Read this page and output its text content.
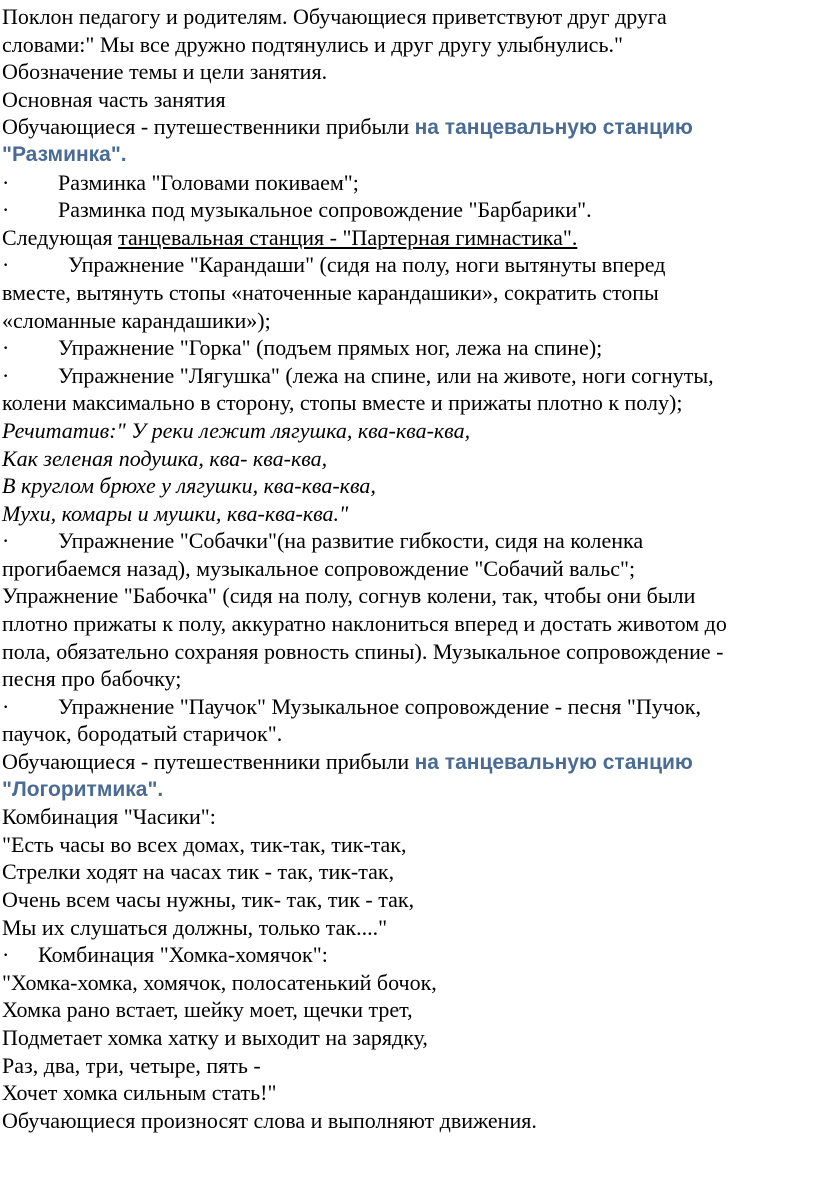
Поклон педагогу и родителям. Обучающиеся приветствуют друг друга
словами:" Мы все дружно подтянулись и друг другу улыбнулись."
Обозначение темы и цели занятия.
Основная часть занятия
Обучающиеся - путешественники прибыли на танцевальную станцию
"Разминка".
· Разминка "Головами покиваем";
· Разминка под музыкальное сопровождение "Барбарики".
Следующая танцевальная станция - "Партерная гимнастика".
·	Упражнение "Карандаши" (сидя на полу, ноги вытянуты вперед
вместе, вытянуть стопы «наточенные карандашики», сократить стопы
«сломанные карандашики»);
· Упражнение "Горка" (подъем прямых ног, лежа на спине);
· Упражнение "Лягушка" (лежа на спине, или на животе, ноги согнуты,
колени максимально в сторону, стопы вместе и прижаты плотно к полу);
Речитатив:" У реки лежит лягушка, ква-ква-ква,
Как зеленая подушка, ква- ква-ква,
В круглом брюхе у лягушки, ква-ква-ква,
Мухи, комары и мушки, ква-ква-ква."
· Упражнение "Собачки"(на развитие гибкости, сидя на коленка
прогибаемся назад), музыкальное сопровождение "Собачий вальс";
Упражнение "Бабочка" (сидя на полу, согнув колени, так, чтобы они были
плотно прижаты к полу, аккуратно наклониться вперед и достать животом до
пола, обязательно сохраняя ровность спины). Музыкальное сопровождение -
песня про бабочку;
· Упражнение "Паучок" Музыкальное сопровождение - песня "Пучок,
паучок, бородатый старичок".
Обучающиеся - путешественники прибыли на танцевальную станцию
"Логоритмика".
Комбинация "Часики":
"Есть часы во всех домах, тик-так, тик-так,
Стрелки ходят на часах тик - так, тик-так,
Очень всем часы нужны, тик- так, тик - так,
Мы их слушаться должны, только так...."
· Комбинация "Хомка-хомячок":
"Хомка-хомка, хомячок, полосатенький бочок,
Хомка рано встает, шейку моет, щечки трет,
Подметает хомка хатку и выходит на зарядку,
Раз, два, три, четыре, пять -
Хочет хомка сильным стать!"
Обучающиеся произносят слова и выполняют движения.
